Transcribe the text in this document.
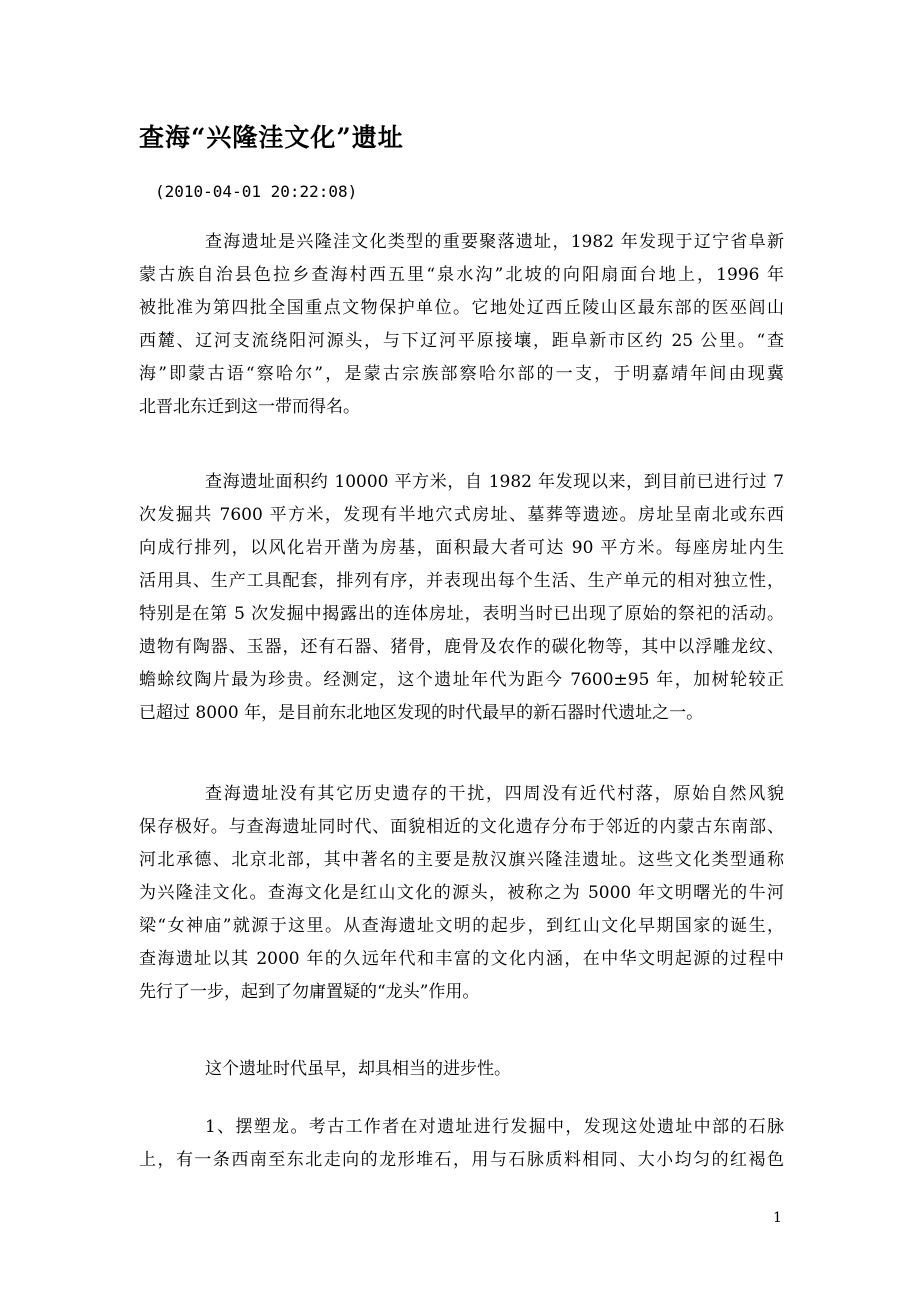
查海“兴隆洼文化”遗址
(2010-04-01 20:22:08)
查海遗址是兴隆洼文化类型的重要聚落遗址，1982 年发现于辽宁省阜新
蒙古族自治县色拉乡查海村西五里“泉水沟”北坡的向阳扇面台地上，1996 年
被批准为第四批全国重点文物保护单位。它地处辽西丘陵山区最东部的医巫闾山
西麓、辽河支流绕阳河源头，与下辽河平原接壤，距阜新市区约 25 公里。“查
海”即蒙古语“察哈尔”，是蒙古宗族部察哈尔部的一支，于明嘉靖年间由现冀
北晋北东迁到这一带而得名。
查海遗址面积约 10000 平方米，自 1982 年发现以来，到目前已进行过 7
次发掘共 7600 平方米，发现有半地穴式房址、墓葬等遗迹。房址呈南北或东西
向成行排列，以风化岩开凿为房基，面积最大者可达 90 平方米。每座房址内生
活用具、生产工具配套，排列有序，并表现出每个生活、生产单元的相对独立性，
特别是在第 5 次发掘中揭露出的连体房址，表明当时已出现了原始的祭祀的活动。
遗物有陶器、玉器，还有石器、猪骨，鹿骨及农作的碳化物等，其中以浮雕龙纹、
蟾蜍纹陶片最为珍贵。经测定，这个遗址年代为距今 7600±95 年，加树轮较正
已超过 8000 年，是目前东北地区发现的时代最早的新石器时代遗址之一。
查海遗址没有其它历史遗存的干扰，四周没有近代村落，原始自然风貌
保存极好。与查海遗址同时代、面貌相近的文化遗存分布于邻近的内蒙古东南部、
河北承德、北京北部，其中著名的主要是敖汉旗兴隆洼遗址。这些文化类型通称
为兴隆洼文化。查海文化是红山文化的源头，被称之为 5000 年文明曙光的牛河
梁“女神庙”就源于这里。从查海遗址文明的起步，到红山文化早期国家的诞生，
查海遗址以其 2000 年的久远年代和丰富的文化内涵，在中华文明起源的过程中
先行了一步，起到了勿庸置疑的“龙头”作用。
这个遗址时代虽早，却具相当的进步性。
1、摆塑龙。考古工作者在对遗址进行发掘中，发现这处遗址中部的石脉
上，有一条西南至东北走向的龙形堆石，用与石脉质料相同、大小均匀的红褐色
1
